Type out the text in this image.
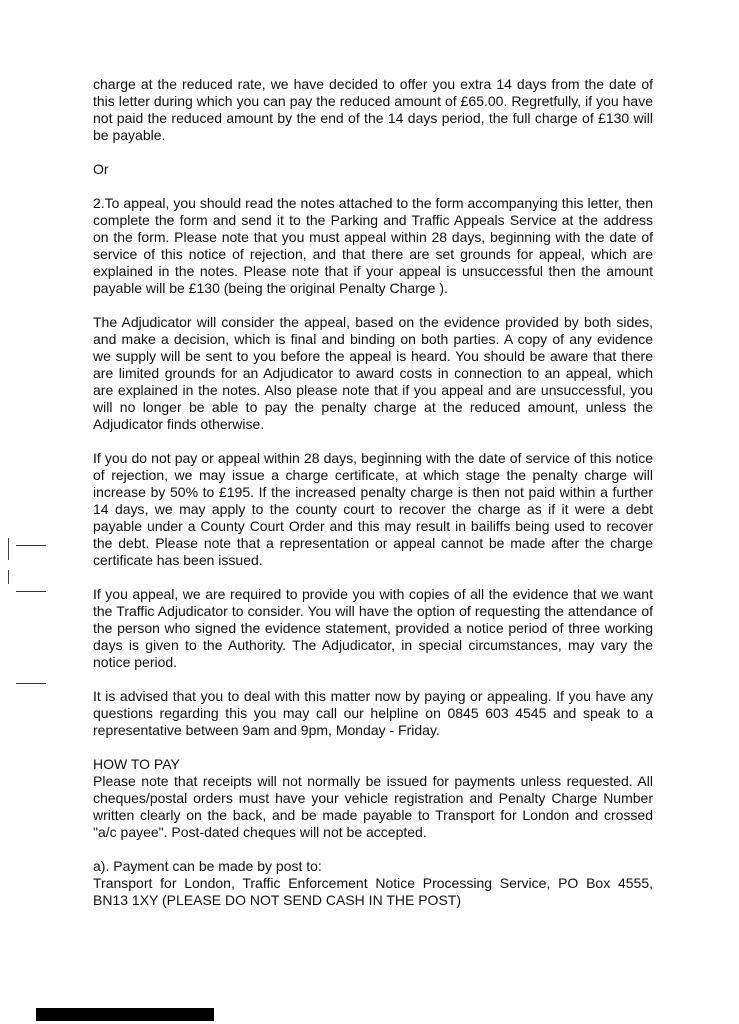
charge at the reduced rate, we have decided to offer you extra 14 days from the date of this letter during which you can pay the reduced amount of £65.00. Regretfully, if you have not paid the reduced amount by the end of the 14 days period, the full charge of £130 will be payable.

Or

2.To appeal, you should read the notes attached to the form accompanying this letter, then complete the form and send it to the Parking and Traffic Appeals Service at the address on the form. Please note that you must appeal within 28 days, beginning with the date of service of this notice of rejection, and that there are set grounds for appeal, which are explained in the notes. Please note that if your appeal is unsuccessful then the amount payable will be £130 (being the original Penalty Charge ).

The Adjudicator will consider the appeal, based on the evidence provided by both sides, and make a decision, which is final and binding on both parties. A copy of any evidence we supply will be sent to you before the appeal is heard. You should be aware that there are limited grounds for an Adjudicator to award costs in connection to an appeal, which are explained in the notes. Also please note that if you appeal and are unsuccessful, you will no longer be able to pay the penalty charge at the reduced amount, unless the Adjudicator finds otherwise.

If you do not pay or appeal within 28 days, beginning with the date of service of this notice of rejection, we may issue a charge certificate, at which stage the penalty charge will increase by 50% to £195. If the increased penalty charge is then not paid within a further 14 days, we may apply to the county court to recover the charge as if it were a debt payable under a County Court Order and this may result in bailiffs being used to recover the debt. Please note that a representation or appeal cannot be made after the charge certificate has been issued.

If you appeal, we are required to provide you with copies of all the evidence that we want the Traffic Adjudicator to consider. You will have the option of requesting the attendance of the person who signed the evidence statement, provided a notice period of three working days is given to the Authority. The Adjudicator, in special circumstances, may vary the notice period.

It is advised that you to deal with this matter now by paying or appealing. If you have any questions regarding this you may call our helpline on 0845 603 4545 and speak to a representative between 9am and 9pm, Monday - Friday.

HOW TO PAY

Please note that receipts will not normally be issued for payments unless requested. All cheques/postal orders must have your vehicle registration and Penalty Charge Number written clearly on the back, and be made payable to Transport for London and crossed "a/c payee". Post-dated cheques will not be accepted.

a). Payment can be made by post to:

Transport for London, Traffic Enforcement Notice Processing Service, PO Box 4555, BN13 1XY (PLEASE DO NOT SEND CASH IN THE POST)
